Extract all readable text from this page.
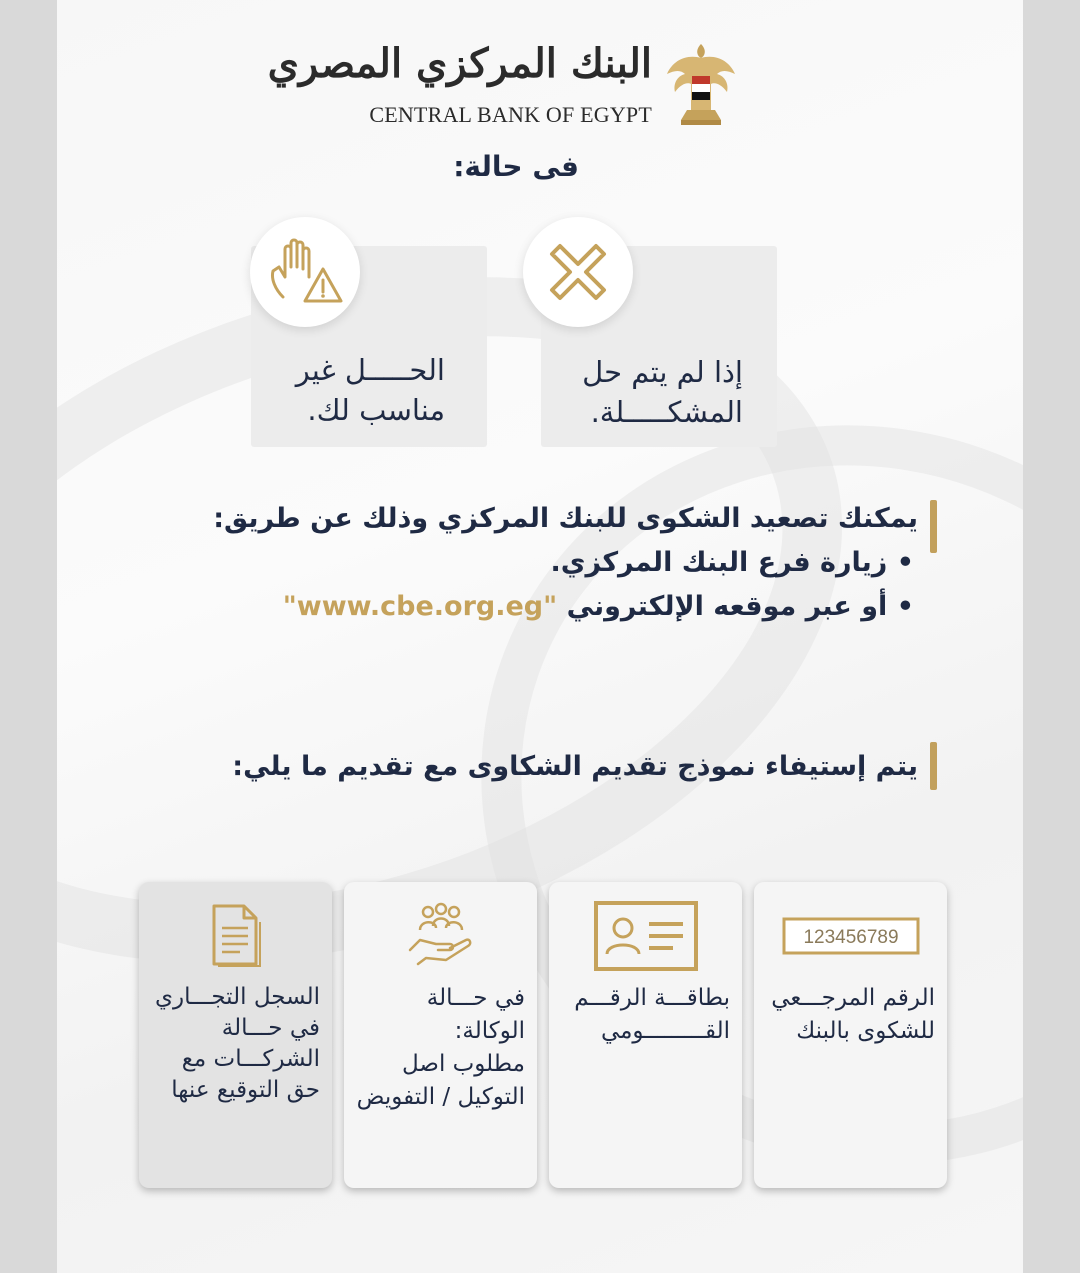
البنك المركزي المصري
CENTRAL BANK OF EGYPT
فى حالة:
إذا لم يتم حل
المشكـــــلة.
الحـــــل غير
مناسب لك.
يمكنك تصعيد الشكوى للبنك المركزي وذلك عن طريق:
• زيارة فرع البنك المركزي.
• أو عبر موقعه الإلكتروني "www.cbe.org.eg"
يتم إستيفاء نموذج تقديم الشكاوى مع تقديم ما يلي:
123456789
الرقم المرجـــعي
للشكوى بالبنك
بطاقـــة الرقـــم
القـــــــــومي
في حـــالة الوكالة:
مطلوب اصل
التوكيل / التفويض
السجل التجـــاري
في حـــالة
الشركـــات مع
حق التوقيع عنها
